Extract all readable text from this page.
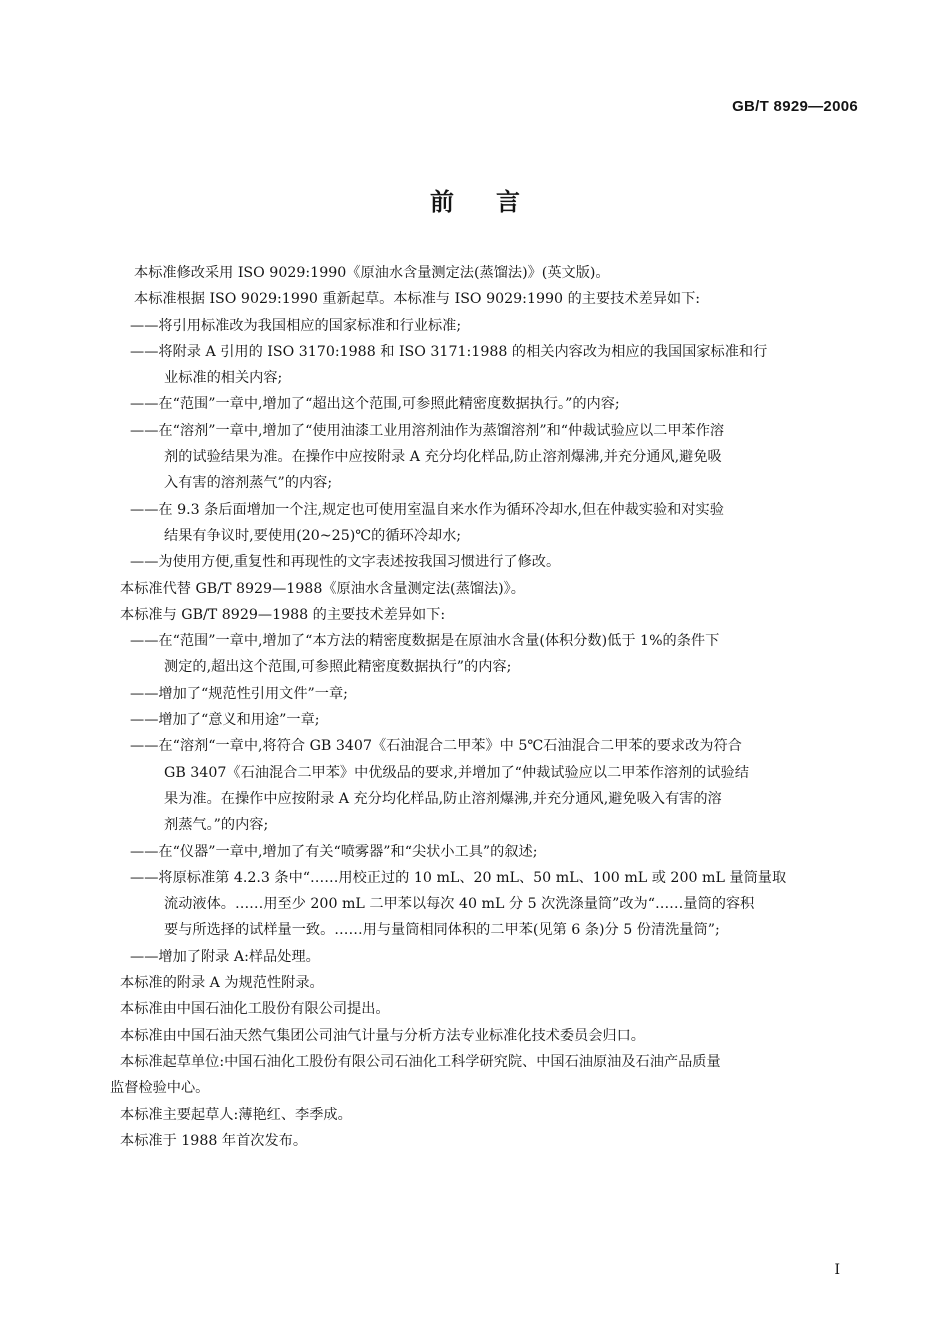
GB/T 8929—2006
前言
本标准修改采用 ISO 9029:1990《原油水含量测定法(蒸馏法)》(英文版)。
本标准根据 ISO 9029:1990 重新起草。本标准与 ISO 9029:1990 的主要技术差异如下:
——将引用标准改为我国相应的国家标准和行业标准;
——将附录 A 引用的 ISO 3170:1988 和 ISO 3171:1988 的相关内容改为相应的我国国家标准和行
业标准的相关内容;
——在“范围”一章中,增加了“超出这个范围,可参照此精密度数据执行。”的内容;
——在“溶剂”一章中,增加了“使用油漆工业用溶剂油作为蒸馏溶剂”和“仲裁试验应以二甲苯作溶
剂的试验结果为准。在操作中应按附录 A 充分均化样品,防止溶剂爆沸,并充分通风,避免吸
入有害的溶剂蒸气”的内容;
——在 9.3 条后面增加一个注,规定也可使用室温自来水作为循环冷却水,但在仲裁实验和对实验
结果有争议时,要使用(20~25)℃的循环冷却水;
——为使用方便,重复性和再现性的文字表述按我国习惯进行了修改。
本标准代替 GB/T 8929—1988《原油水含量测定法(蒸馏法)》。
本标准与 GB/T 8929—1988 的主要技术差异如下:
——在“范围”一章中,增加了“本方法的精密度数据是在原油水含量(体积分数)低于 1%的条件下
测定的,超出这个范围,可参照此精密度数据执行”的内容;
——增加了“规范性引用文件”一章;
——增加了“意义和用途”一章;
——在“溶剂“一章中,将符合 GB 3407《石油混合二甲苯》中 5℃石油混合二甲苯的要求改为符合
GB 3407《石油混合二甲苯》中优级品的要求,并增加了“仲裁试验应以二甲苯作溶剂的试验结
果为准。在操作中应按附录 A 充分均化样品,防止溶剂爆沸,并充分通风,避免吸入有害的溶
剂蒸气。”的内容;
——在“仪器”一章中,增加了有关“喷雾器”和“尖状小工具”的叙述;
——将原标准第 4.2.3 条中“……用校正过的 10 mL、20 mL、50 mL、100 mL 或 200 mL 量筒量取
流动液体。……用至少 200 mL 二甲苯以每次 40 mL 分 5 次洗涤量筒”改为“……量筒的容积
要与所选择的试样量一致。……用与量筒相同体积的二甲苯(见第 6 条)分 5 份清洗量筒”;
——增加了附录 A:样品处理。
本标准的附录 A 为规范性附录。
本标准由中国石油化工股份有限公司提出。
本标准由中国石油天然气集团公司油气计量与分析方法专业标准化技术委员会归口。
本标准起草单位:中国石油化工股份有限公司石油化工科学研究院、中国石油原油及石油产品质量
监督检验中心。
本标准主要起草人:薄艳红、李季成。
本标准于 1988 年首次发布。
I
